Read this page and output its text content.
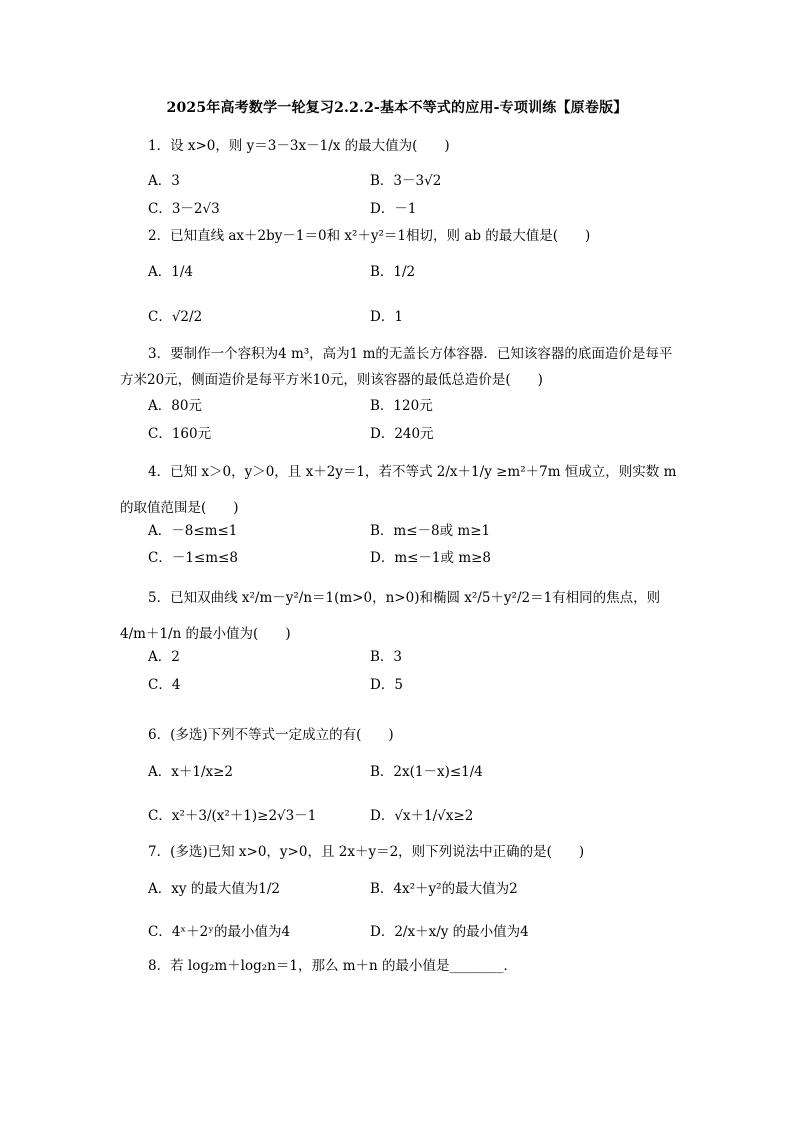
2025年高考数学一轮复习2.2.2-基本不等式的应用-专项训练【原卷版】
1．设 x>0，则 y＝3－3x－1/x 的最大值为(　　)
A．3	B．3－3√2
C．3－2√3	D．－1
2．已知直线 ax＋2by－1＝0和 x²＋y²＝1相切，则 ab 的最大值是(　　)
A．1/4	B．1/2
C．√2/2	D．1
3．要制作一个容积为4 m³，高为1 m的无盖长方体容器．已知该容器的底面造价是每平方米20元，侧面造价是每平方米10元，则该容器的最低总造价是(　　)
A．80元	B．120元
C．160元	D．240元
4．已知 x＞0，y＞0，且 x＋2y＝1，若不等式 2/x＋1/y ≥m²＋7m 恒成立，则实数 m 的取值范围是(　　)
A．－8≤m≤1	B．m≤－8或 m≥1
C．－1≤m≤8	D．m≤－1或 m≥8
5．已知双曲线 x²/m－y²/n＝1(m>0，n>0)和椭圆 x²/5＋y²/2＝1有相同的焦点，则 4/m＋1/n 的最小值为(　　)
A．2	B．3
C．4	D．5
6．(多选)下列不等式一定成立的有(　　)
A．x＋1/x≥2	B．2x(1－x)≤1/4
C．x²＋3/(x²＋1)≥2√3－1	D．√x＋1/√x≥2
7．(多选)已知 x>0，y>0，且 2x＋y＝2，则下列说法中正确的是(　　)
A．xy 的最大值为1/2	B．4x²＋y²的最大值为2
C．4ˣ＋2ʸ的最小值为4	D．2/x＋x/y 的最小值为4
8．若 log₂m＋log₂n＝1，那么 m＋n 的最小值是________．
